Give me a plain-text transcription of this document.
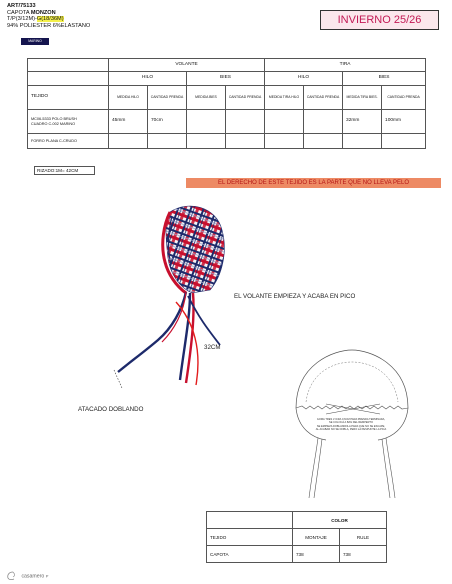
ART/75133
CAPOTA MONZON
T/P(3/12M)-G(18/36M)
94% POLIESTER 6%ELASTANO
MARINO
INVIERNO 25/26
	VOLANTE				TIRA			
	HILO		BIES		HILO		BIES	
TEJIDO	MEDIDA HILO	CANTIDAD PRENDA	MEDIDA BIES	CANTIDAD PRENDA	MEDIDA TIRA HILO	CANTIDAD PRENDA	MEDIDA TIRA BIES.	CANTIDAD PRENDA

MC06-5333 POLO BRUSH
CUADRO C-002 MARINO	45mm	70cm					32mm	100mm
FORRO PLANA C-CRUDO								
RIZADO:1M= 42CM
EL DERECHO DE ESTE TEJIDO ES LA PARTE QUE NO LLEVA PELO
EL VOLANTE EMPIEZA Y ACABA EN PICO
32CM
ATACADO DOBLANDO
GOMA TRES LYCRA 0,6CM PARA PRENDA TERMINADA,
SE COLOCA A BAS DEL REMPERTO
SE EMPIEZA DOBLANDOLA PARA QUE NO SE ESCAPE,
AL ACABAR NO SE DOBLA, PERO LA PESPUNTE LA PICA
	COLOR	
TEJIDO	MONTAJE	RULE
CAPOTA	738	738
casamero P
